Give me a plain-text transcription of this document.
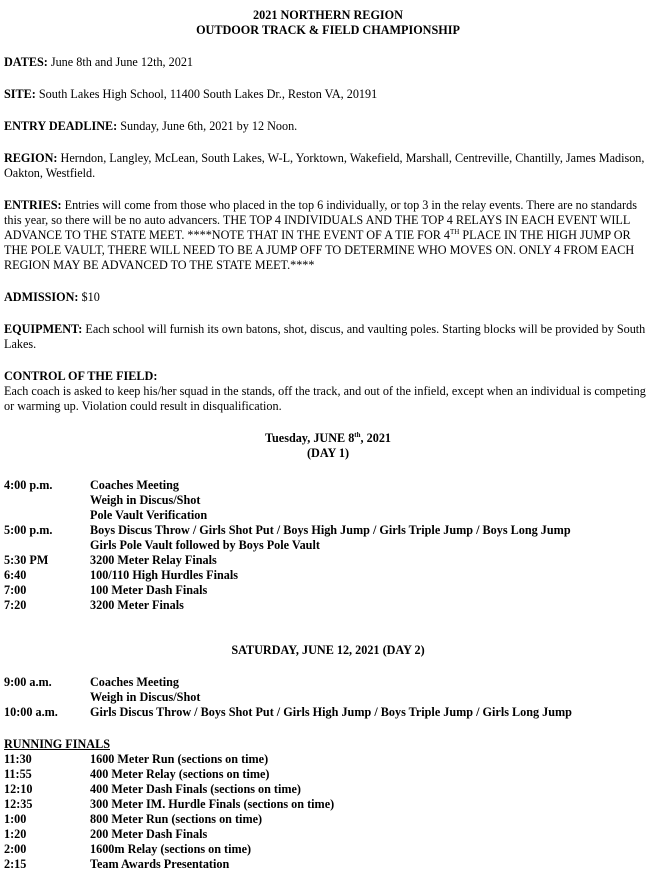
2021 NORTHERN REGION
OUTDOOR TRACK & FIELD CHAMPIONSHIP

DATES: June 8th and June 12th, 2021

SITE: South Lakes High School, 11400 South Lakes Dr., Reston VA, 20191

ENTRY DEADLINE: Sunday, June 6th, 2021 by 12 Noon.

REGION: Herndon, Langley, McLean, South Lakes, W-L, Yorktown, Wakefield, Marshall, Centreville, Chantilly, James Madison, Oakton, Westfield.

ENTRIES: Entries will come from those who placed in the top 6 individually, or top 3 in the relay events. There are no standards this year, so there will be no auto advancers. THE TOP 4 INDIVIDUALS AND THE TOP 4 RELAYS IN EACH EVENT WILL ADVANCE TO THE STATE MEET. ****NOTE THAT IN THE EVENT OF A TIE FOR 4TH PLACE IN THE HIGH JUMP OR THE POLE VAULT, THERE WILL NEED TO BE A JUMP OFF TO DETERMINE WHO MOVES ON. ONLY 4 FROM EACH REGION MAY BE ADVANCED TO THE STATE MEET.****

ADMISSION: $10

EQUIPMENT: Each school will furnish its own batons, shot, discus, and vaulting poles. Starting blocks will be provided by South Lakes.

CONTROL OF THE FIELD:
Each coach is asked to keep his/her squad in the stands, off the track, and out of the infield, except when an individual is competing or warming up. Violation could result in disqualification.
Tuesday, JUNE 8th, 2021
(DAY 1)
4:00 p.m.	Coaches Meeting
Weigh in Discus/Shot
Pole Vault Verification
5:00 p.m.	Boys Discus Throw / Girls Shot Put / Boys High Jump / Girls Triple Jump / Boys Long Jump
Girls Pole Vault followed by Boys Pole Vault
5:30 PM	3200 Meter Relay Finals
6:40	100/110 High Hurdles Finals
7:00	100 Meter Dash Finals
7:20	3200 Meter Finals
SATURDAY, JUNE 12, 2021 (DAY 2)
9:00 a.m.	Coaches Meeting
Weigh in Discus/Shot
10:00 a.m.	Girls Discus Throw / Boys Shot Put / Girls High Jump / Boys Triple Jump / Girls Long Jump
RUNNING FINALS
11:30	1600 Meter Run (sections on time)
11:55	400 Meter Relay (sections on time)
12:10	400 Meter Dash Finals (sections on time)
12:35	300 Meter IM. Hurdle Finals (sections on time)
1:00	800 Meter Run (sections on time)
1:20	200 Meter Dash Finals
2:00	1600m Relay (sections on time)
2:15	Team Awards Presentation
